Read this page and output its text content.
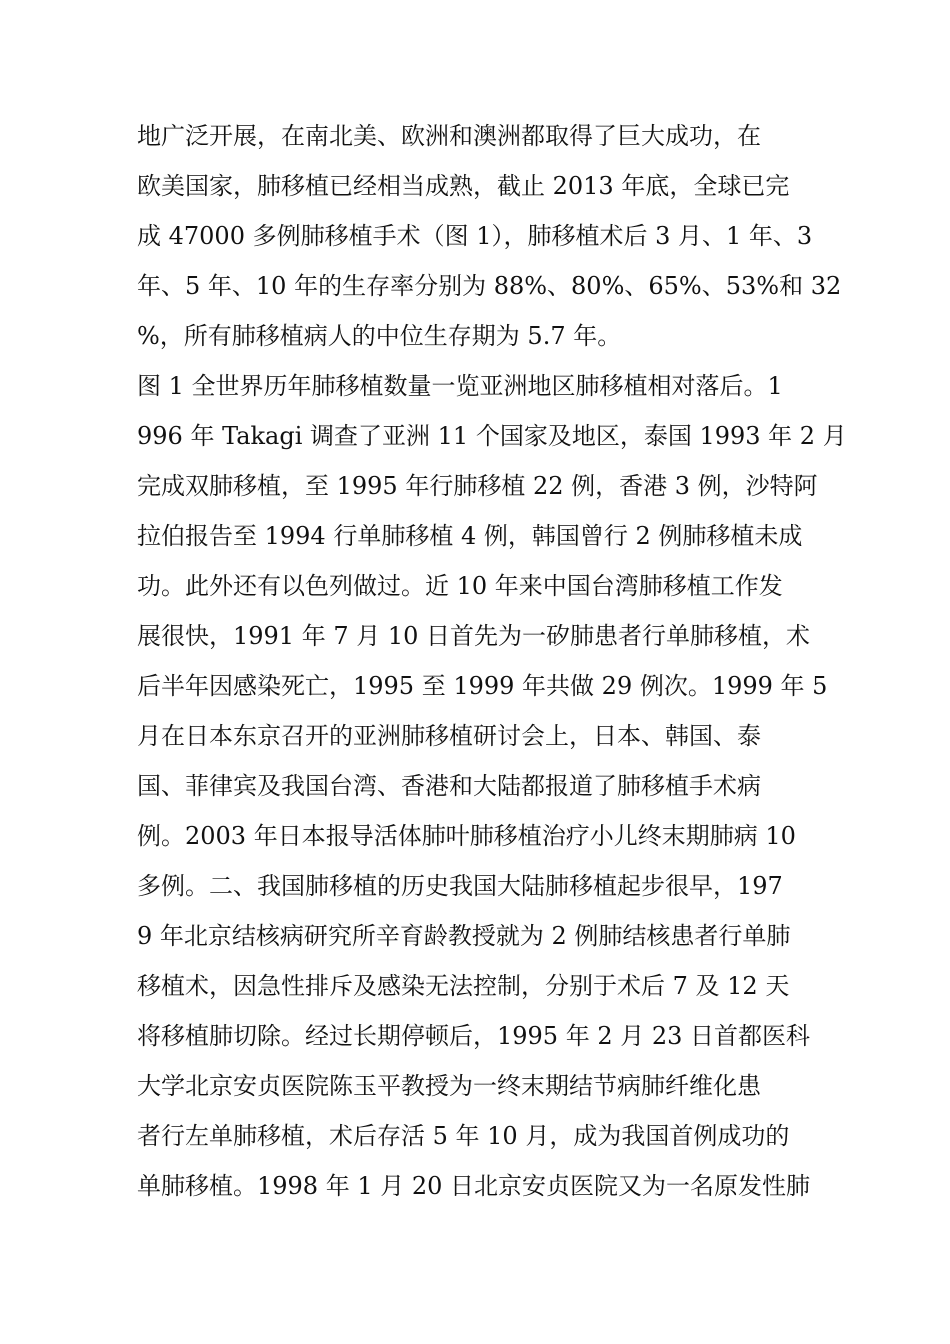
地广泛开展，在南北美、欧洲和澳洲都取得了巨大成功，在
欧美国家，肺移植已经相当成熟，截止 2013 年底，全球已完
成 47000 多例肺移植手术（图 1），肺移植术后 3 月、1 年、3
年、5 年、10 年的生存率分别为 88%、80%、65%、53%和 32
%，所有肺移植病人的中位生存期为 5.7 年。
图 1 全世界历年肺移植数量一览亚洲地区肺移植相对落后。1
996 年 Takagi 调查了亚洲 11 个国家及地区，泰国 1993 年 2 月
完成双肺移植，至 1995 年行肺移植 22 例，香港 3 例，沙特阿
拉伯报告至 1994 行单肺移植 4 例，韩国曾行 2 例肺移植未成
功。此外还有以色列做过。近 10 年来中国台湾肺移植工作发
展很快，1991 年 7 月 10 日首先为一矽肺患者行单肺移植，术
后半年因感染死亡，1995 至 1999 年共做 29 例次。1999 年 5
月在日本东京召开的亚洲肺移植研讨会上，日本、韩国、泰
国、菲律宾及我国台湾、香港和大陆都报道了肺移植手术病
例。2003 年日本报导活体肺叶肺移植治疗小儿终末期肺病 10
多例。二、我国肺移植的历史我国大陆肺移植起步很早，197
9 年北京结核病研究所辛育龄教授就为 2 例肺结核患者行单肺
移植术，因急性排斥及感染无法控制，分别于术后 7 及 12 天
将移植肺切除。经过长期停顿后，1995 年 2 月 23 日首都医科
大学北京安贞医院陈玉平教授为一终末期结节病肺纤维化患
者行左单肺移植，术后存活 5 年 10 月，成为我国首例成功的
单肺移植。1998 年 1 月 20 日北京安贞医院又为一名原发性肺
